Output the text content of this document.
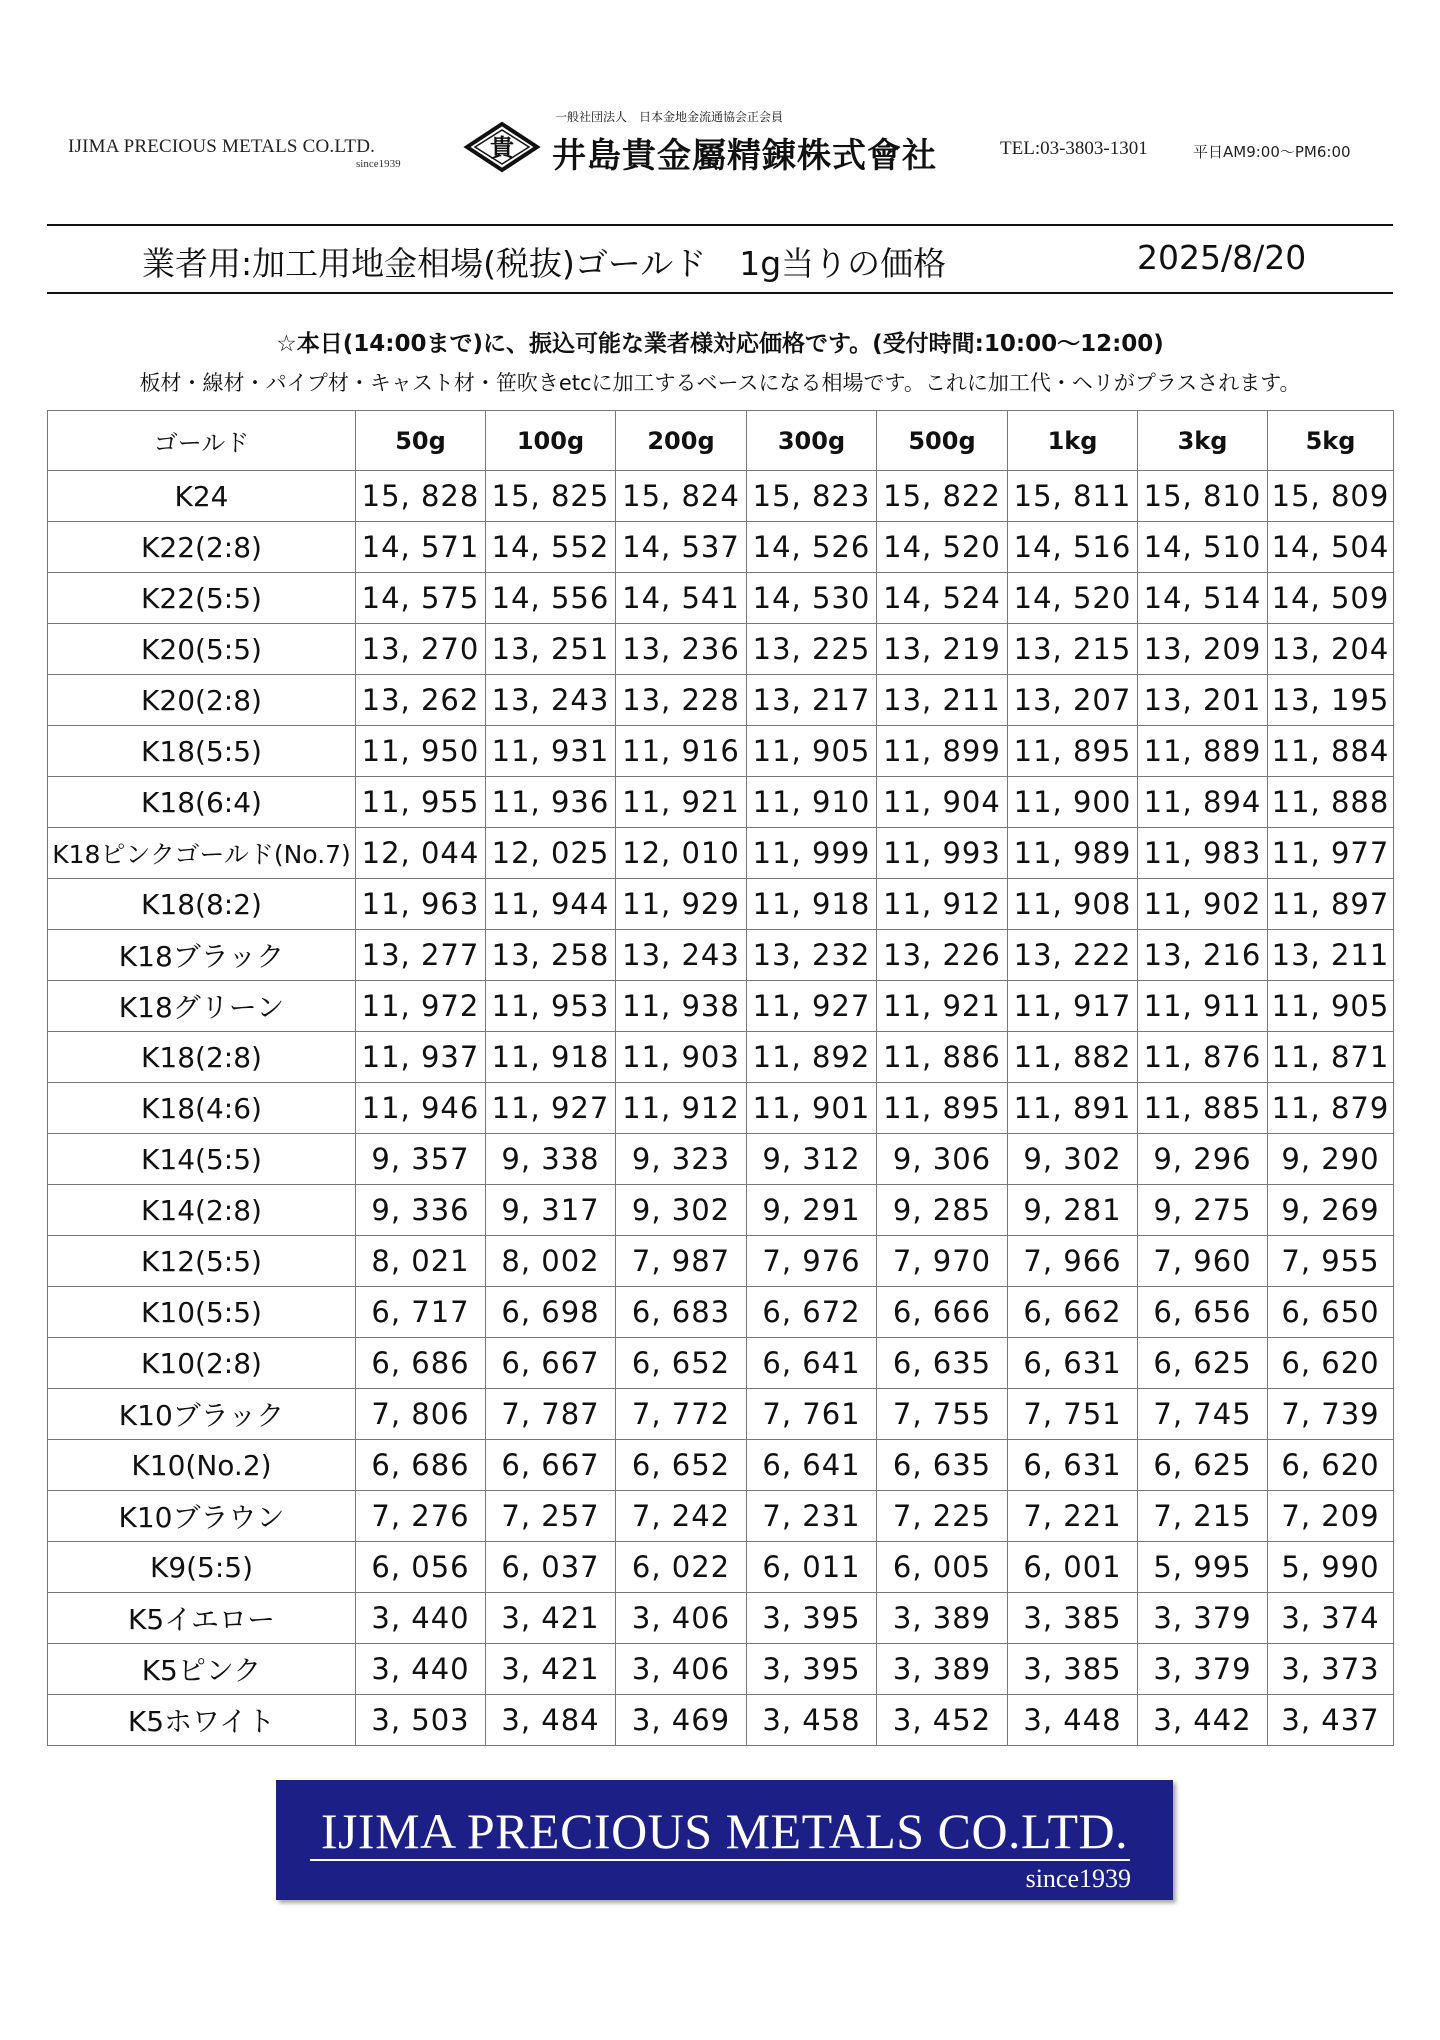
IJIMA PRECIOUS METALS CO.LTD.
since1939
貴
一般社団法人　日本金地金流通協会正会員
井島貴金屬精錬株式會社	TEL:03-3803-1301	平日AM9:00〜PM6:00
業者用:加工用地金相場(税抜)ゴールド　1g当りの価格	2025/8/20
☆本日(14:00まで)に、振込可能な業者様対応価格です。(受付時間:10:00～12:00)
板材・線材・パイプ材・キャスト材・笹吹きetcに加工するベースになる相場です。これに加工代・ヘリがプラスされます。
ゴールド	50g	100g	200g	300g	500g	1kg	3kg	5kg
K24	15, 828	15, 825	15, 824	15, 823	15, 822	15, 811	15, 810	15, 809
K22(2:8)	14, 571	14, 552	14, 537	14, 526	14, 520	14, 516	14, 510	14, 504
K22(5:5)	14, 575	14, 556	14, 541	14, 530	14, 524	14, 520	14, 514	14, 509
K20(5:5)	13, 270	13, 251	13, 236	13, 225	13, 219	13, 215	13, 209	13, 204
K20(2:8)	13, 262	13, 243	13, 228	13, 217	13, 211	13, 207	13, 201	13, 195
K18(5:5)	11, 950	11, 931	11, 916	11, 905	11, 899	11, 895	11, 889	11, 884
K18(6:4)	11, 955	11, 936	11, 921	11, 910	11, 904	11, 900	11, 894	11, 888
K18ピンクゴールド(No.7)	12, 044	12, 025	12, 010	11, 999	11, 993	11, 989	11, 983	11, 977
K18(8:2)	11, 963	11, 944	11, 929	11, 918	11, 912	11, 908	11, 902	11, 897
K18ブラック	13, 277	13, 258	13, 243	13, 232	13, 226	13, 222	13, 216	13, 211
K18グリーン	11, 972	11, 953	11, 938	11, 927	11, 921	11, 917	11, 911	11, 905
K18(2:8)	11, 937	11, 918	11, 903	11, 892	11, 886	11, 882	11, 876	11, 871
K18(4:6)	11, 946	11, 927	11, 912	11, 901	11, 895	11, 891	11, 885	11, 879
K14(5:5)	9, 357	9, 338	9, 323	9, 312	9, 306	9, 302	9, 296	9, 290
K14(2:8)	9, 336	9, 317	9, 302	9, 291	9, 285	9, 281	9, 275	9, 269
K12(5:5)	8, 021	8, 002	7, 987	7, 976	7, 970	7, 966	7, 960	7, 955
K10(5:5)	6, 717	6, 698	6, 683	6, 672	6, 666	6, 662	6, 656	6, 650
K10(2:8)	6, 686	6, 667	6, 652	6, 641	6, 635	6, 631	6, 625	6, 620
K10ブラック	7, 806	7, 787	7, 772	7, 761	7, 755	7, 751	7, 745	7, 739
K10(No.2)	6, 686	6, 667	6, 652	6, 641	6, 635	6, 631	6, 625	6, 620
K10ブラウン	7, 276	7, 257	7, 242	7, 231	7, 225	7, 221	7, 215	7, 209
K9(5:5)	6, 056	6, 037	6, 022	6, 011	6, 005	6, 001	5, 995	5, 990
K5イエロー	3, 440	3, 421	3, 406	3, 395	3, 389	3, 385	3, 379	3, 374
K5ピンク	3, 440	3, 421	3, 406	3, 395	3, 389	3, 385	3, 379	3, 373
K5ホワイト	3, 503	3, 484	3, 469	3, 458	3, 452	3, 448	3, 442	3, 437
IJIMA PRECIOUS METALS CO.LTD.
since1939
